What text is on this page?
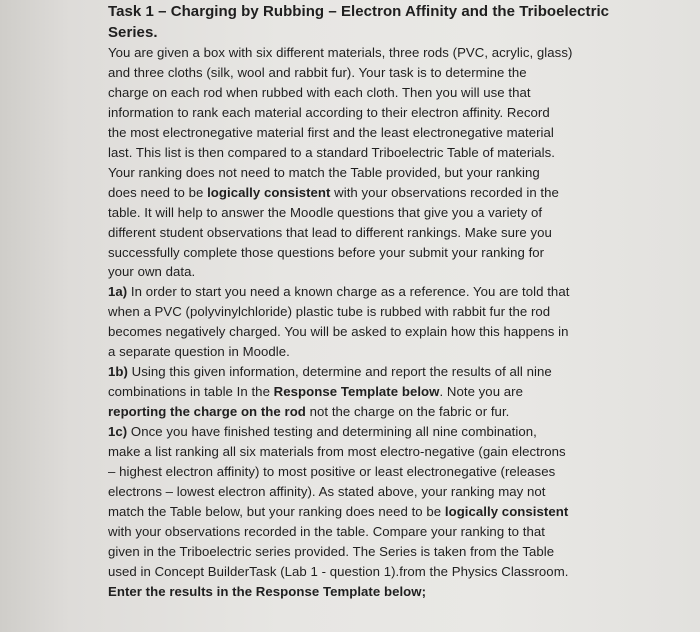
Task 1 – Charging by Rubbing – Electron Affinity and the Triboelectric
Series.

You are given a box with six different materials, three rods (PVC, acrylic, glass)
and three cloths (silk, wool and rabbit fur). Your task is to determine the
charge on each rod when rubbed with each cloth. Then you will use that
information to rank each material according to their electron affinity. Record
the most electronegative material first and the least electronegative material
last. This list is then compared to a standard Triboelectric Table of materials.
Your ranking does not need to match the Table provided, but your ranking
does need to be logically consistent with your observations recorded in the
table. It will help to answer the Moodle questions that give you a variety of
different student observations that lead to different rankings. Make sure you
successfully complete those questions before your submit your ranking for
your own data.

1a) In order to start you need a known charge as a reference. You are told that
when a PVC (polyvinylchloride) plastic tube is rubbed with rabbit fur the rod
becomes negatively charged. You will be asked to explain how this happens in
a separate question in Moodle.

1b) Using this given information, determine and report the results of all nine
combinations in table In the Response Template below. Note you are
reporting the charge on the rod not the charge on the fabric or fur.

1c) Once you have finished testing and determining all nine combination,
make a list ranking all six materials from most electro-negative (gain electrons
– highest electron affinity) to most positive or least electronegative (releases
electrons – lowest electron affinity). As stated above, your ranking may not
match the Table below, but your ranking does need to be logically consistent
with your observations recorded in the table. Compare your ranking to that
given in the Triboelectric series provided. The Series is taken from the Table
used in Concept BuilderTask (Lab 1 - question 1).from the Physics Classroom.
Enter the results in the Response Template below;
